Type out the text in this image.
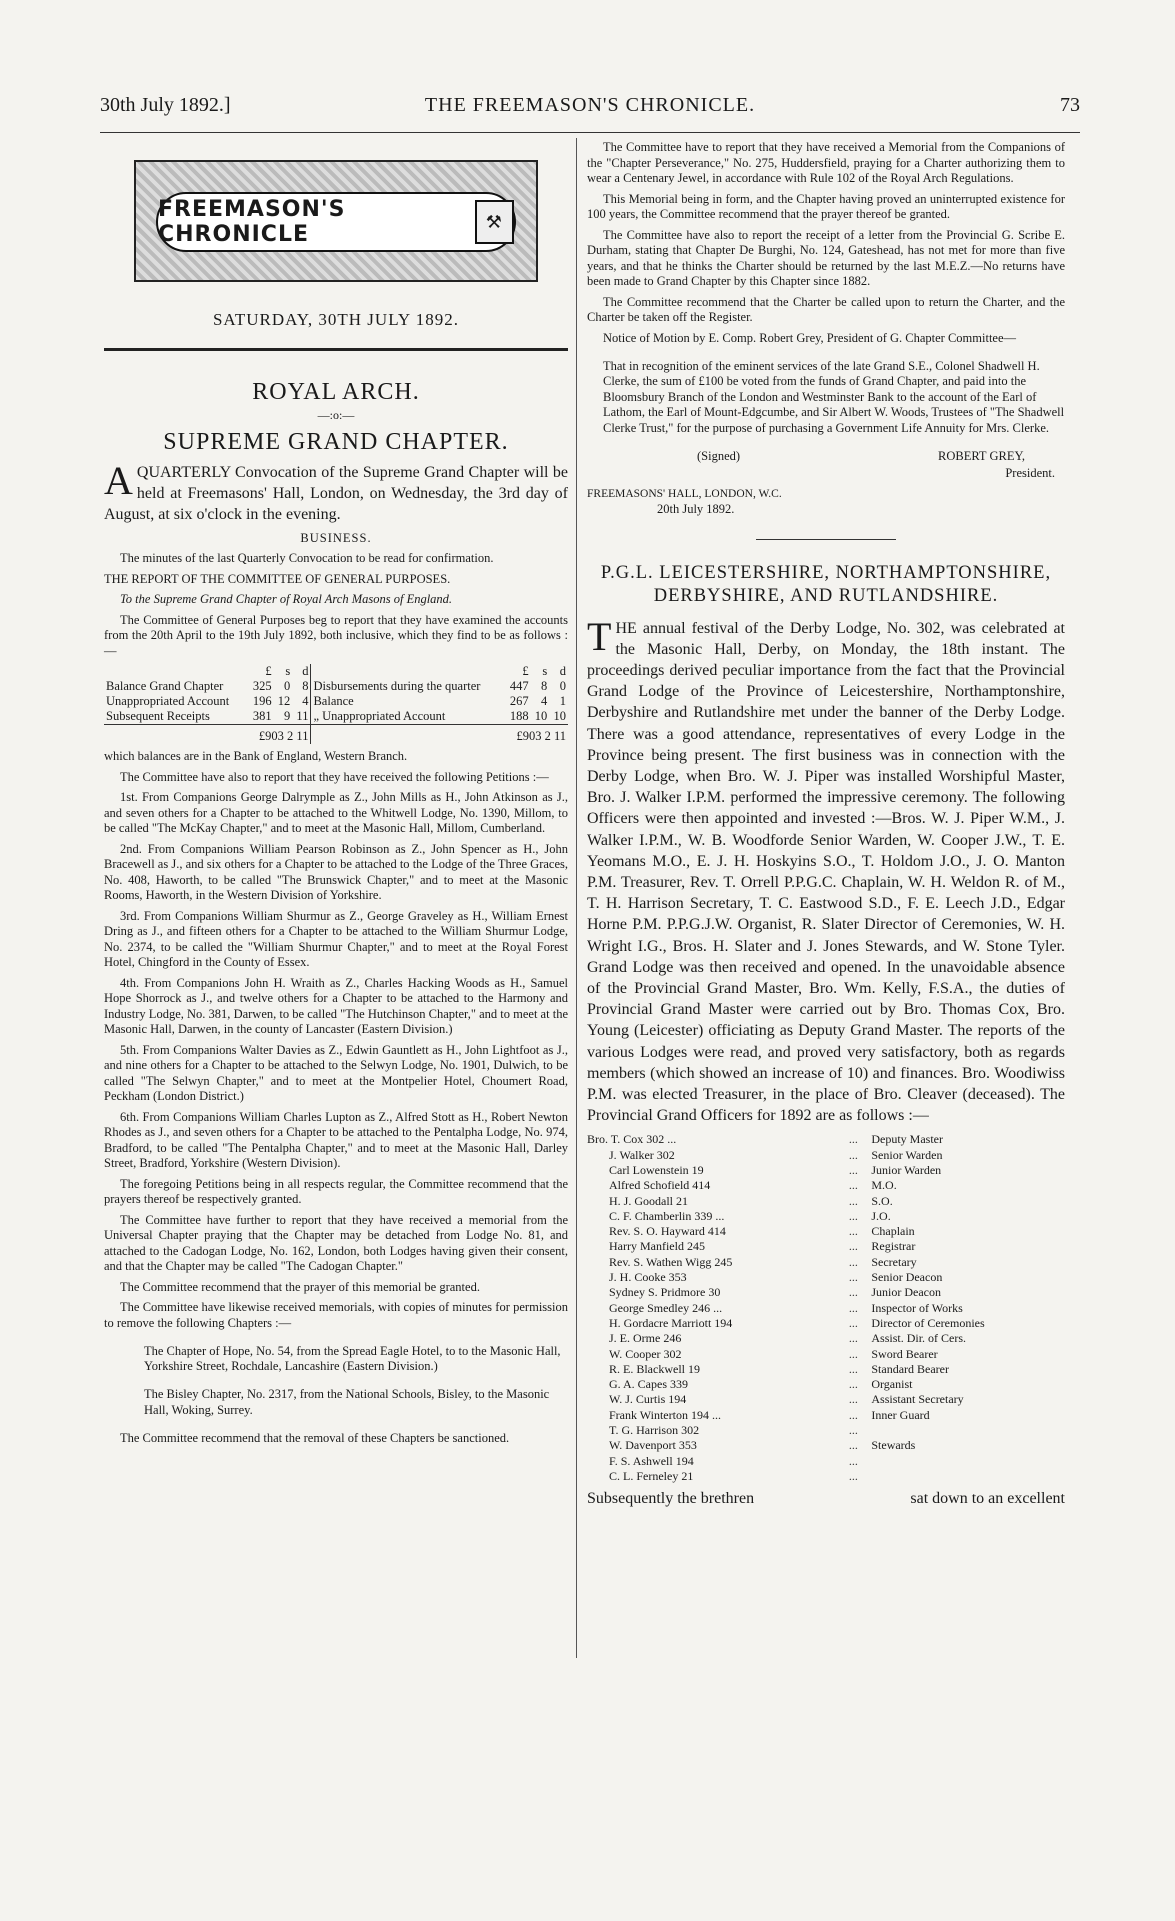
30th July 1892.]	THE FREEMASON'S CHRONICLE.	73
FREEMASON'S CHRONICLE	⚒
SATURDAY, 30TH JULY 1892.
ROYAL ARCH.
—:o:—
SUPREME GRAND CHAPTER.

AQUARTERLY Convocation of the Supreme Grand Chapter will be held at Freemasons' Hall, London, on Wednesday, the 3rd day of August, at six o'clock in the evening.

BUSINESS.

The minutes of the last Quarterly Convocation to be read for confirmation.

THE REPORT OF THE COMMITTEE OF GENERAL PURPOSES.

To the Supreme Grand Chapter of Royal Arch Masons of England.

The Committee of General Purposes beg to report that they have examined the accounts from the 20th April to the 19th July 1892, both inclusive, which they find to be as follows :—

	£	s	d		£	s	d
Balance Grand Chapter	325	0	8	Disbursements during the quarter	447	8	0
Unappropriated Account	196	12	4	Balance	267	4	1
Subsequent Receipts	381	9	11	„ Unappropriated Account	188	10	10
£903 2 11				£903 2 11			

which balances are in the Bank of England, Western Branch.

The Committee have also to report that they have received the following Petitions :—

1st. From Companions George Dalrymple as Z., John Mills as H., John Atkinson as J., and seven others for a Chapter to be attached to the Whitwell Lodge, No. 1390, Millom, to be called "The McKay Chapter," and to meet at the Masonic Hall, Millom, Cumberland.

2nd. From Companions William Pearson Robinson as Z., John Spencer as H., John Bracewell as J., and six others for a Chapter to be attached to the Lodge of the Three Graces, No. 408, Haworth, to be called "The Brunswick Chapter," and to meet at the Masonic Rooms, Haworth, in the Western Division of Yorkshire.

3rd. From Companions William Shurmur as Z., George Graveley as H., William Ernest Dring as J., and fifteen others for a Chapter to be attached to the William Shurmur Lodge, No. 2374, to be called the "William Shurmur Chapter," and to meet at the Royal Forest Hotel, Chingford in the County of Essex.

4th. From Companions John H. Wraith as Z., Charles Hacking Woods as H., Samuel Hope Shorrock as J., and twelve others for a Chapter to be attached to the Harmony and Industry Lodge, No. 381, Darwen, to be called "The Hutchinson Chapter," and to meet at the Masonic Hall, Darwen, in the county of Lancaster (Eastern Division.)

5th. From Companions Walter Davies as Z., Edwin Gauntlett as H., John Lightfoot as J., and nine others for a Chapter to be attached to the Selwyn Lodge, No. 1901, Dulwich, to be called "The Selwyn Chapter," and to meet at the Montpelier Hotel, Choumert Road, Peckham (London District.)

6th. From Companions William Charles Lupton as Z., Alfred Stott as H., Robert Newton Rhodes as J., and seven others for a Chapter to be attached to the Pentalpha Lodge, No. 974, Bradford, to be called "The Pentalpha Chapter," and to meet at the Masonic Hall, Darley Street, Bradford, Yorkshire (Western Division).

The foregoing Petitions being in all respects regular, the Committee recommend that the prayers thereof be respectively granted.

The Committee have further to report that they have received a memorial from the Universal Chapter praying that the Chapter may be detached from Lodge No. 81, and attached to the Cadogan Lodge, No. 162, London, both Lodges having given their consent, and that the Chapter may be called "The Cadogan Chapter."

The Committee recommend that the prayer of this memorial be granted.

The Committee have likewise received memorials, with copies of minutes for permission to remove the following Chapters :—

The Chapter of Hope, No. 54, from the Spread Eagle Hotel, to to the Masonic Hall, Yorkshire Street, Rochdale, Lancashire (Eastern Division.)

The Bisley Chapter, No. 2317, from the National Schools, Bisley, to the Masonic Hall, Woking, Surrey.

The Committee recommend that the removal of these Chapters be sanctioned.

The Committee have to report that they have received a Memorial from the Companions of the "Chapter Perseverance," No. 275, Huddersfield, praying for a Charter authorizing them to wear a Centenary Jewel, in accordance with Rule 102 of the Royal Arch Regulations.

This Memorial being in form, and the Chapter having proved an uninterrupted existence for 100 years, the Committee recommend that the prayer thereof be granted.

The Committee have also to report the receipt of a letter from the Provincial G. Scribe E. Durham, stating that Chapter De Burghi, No. 124, Gateshead, has not met for more than five years, and that he thinks the Charter should be returned by the last M.E.Z.—No returns have been made to Grand Chapter by this Chapter since 1882.

The Committee recommend that the Charter be called upon to return the Charter, and the Charter be taken off the Register.

Notice of Motion by E. Comp. Robert Grey, President of G. Chapter Committee—

That in recognition of the eminent services of the late Grand S.E., Colonel Shadwell H. Clerke, the sum of £100 be voted from the funds of Grand Chapter, and paid into the Bloomsbury Branch of the London and Westminster Bank to the account of the Earl of Lathom, the Earl of Mount-Edgcumbe, and Sir Albert W. Woods, Trustees of "The Shadwell Clerke Trust," for the purpose of purchasing a Government Life Annuity for Mrs. Clerke.

(Signed)	ROBERT GREY,
President.
FREEMASONS' HALL, LONDON, W.C.
20th July 1892.
P.G.L. LEICESTERSHIRE, NORTHAMPTONSHIRE, DERBYSHIRE, AND RUTLANDSHIRE.

THE annual festival of the Derby Lodge, No. 302, was celebrated at the Masonic Hall, Derby, on Monday, the 18th instant. The proceedings derived peculiar importance from the fact that the Provincial Grand Lodge of the Province of Leicestershire, Northamptonshire, Derbyshire and Rutlandshire met under the banner of the Derby Lodge. There was a good attendance, representatives of every Lodge in the Province being present. The first business was in connection with the Derby Lodge, when Bro. W. J. Piper was installed Worshipful Master, Bro. J. Walker I.P.M. performed the impressive ceremony. The following Officers were then appointed and invested :—Bros. W. J. Piper W.M., J. Walker I.P.M., W. B. Woodforde Senior Warden, W. Cooper J.W., T. E. Yeomans M.O., E. J. H. Hoskyins S.O., T. Holdom J.O., J. O. Manton P.M. Treasurer, Rev. T. Orrell P.P.G.C. Chaplain, W. H. Weldon R. of M., T. H. Harrison Secretary, T. C. Eastwood S.D., F. E. Leech J.D., Edgar Horne P.M. P.P.G.J.W. Organist, R. Slater Director of Ceremonies, W. H. Wright I.G., Bros. H. Slater and J. Jones Stewards, and W. Stone Tyler. Grand Lodge was then received and opened. In the unavoidable absence of the Provincial Grand Master, Bro. Wm. Kelly, F.S.A., the duties of Provincial Grand Master were carried out by Bro. Thomas Cox, Bro. Young (Leicester) officiating as Deputy Grand Master. The reports of the various Lodges were read, and proved very satisfactory, both as regards members (which showed an increase of 10) and finances. Bro. Woodiwiss P.M. was elected Treasurer, in the place of Bro. Cleaver (deceased). The Provincial Grand Officers for 1892 are as follows :—

Bro. T. Cox 302 ...	...	Deputy Master
J. Walker 302	...	Senior Warden
Carl Lowenstein 19	...	Junior Warden
Alfred Schofield 414	...	M.O.
H. J. Goodall 21	...	S.O.
C. F. Chamberlin 339 ...	...	J.O.
Rev. S. O. Hayward 414	...	Chaplain
Harry Manfield 245	...	Registrar
Rev. S. Wathen Wigg 245	...	Secretary
J. H. Cooke 353	...	Senior Deacon
Sydney S. Pridmore 30	...	Junior Deacon
George Smedley 246 ...	...	Inspector of Works
H. Gordacre Marriott 194	...	Director of Ceremonies
J. E. Orme 246	...	Assist. Dir. of Cers.
W. Cooper 302	...	Sword Bearer
R. E. Blackwell 19	...	Standard Bearer
G. A. Capes 339	...	Organist
W. J. Curtis 194	...	Assistant Secretary
Frank Winterton 194 ...	...	Inner Guard
T. G. Harrison 302	...	
W. Davenport 353	...	Stewards
F. S. Ashwell 194	...	
C. L. Ferneley 21	...	
Subsequently the brethren	sat down to an excellent
